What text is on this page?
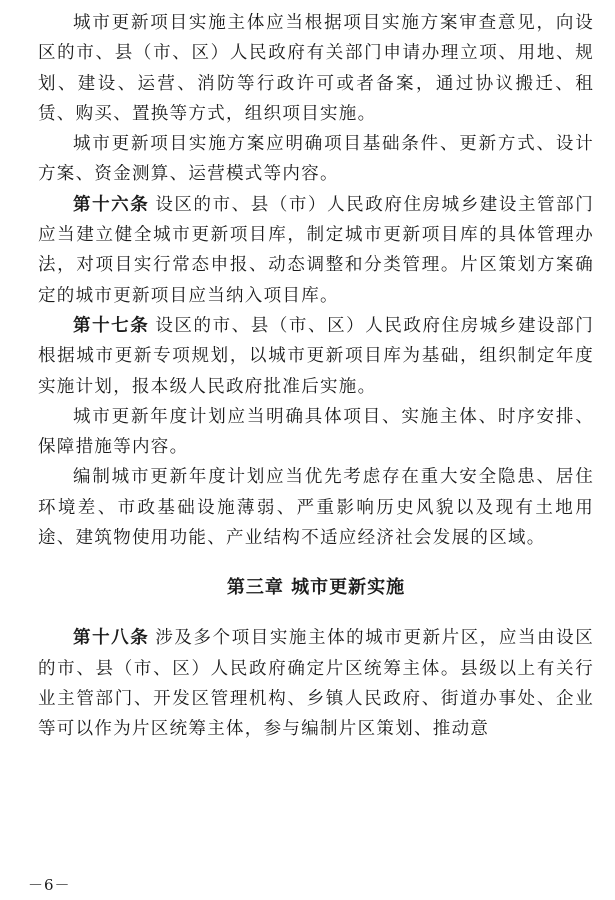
城市更新项目实施主体应当根据项目实施方案审查意见，向设区的市、县（市、区）人民政府有关部门申请办理立项、用地、规划、建设、运营、消防等行政许可或者备案，通过协议搬迁、租赁、购买、置换等方式，组织项目实施。

城市更新项目实施方案应明确项目基础条件、更新方式、设计方案、资金测算、运营模式等内容。

第十六条 设区的市、县（市）人民政府住房城乡建设主管部门应当建立健全城市更新项目库，制定城市更新项目库的具体管理办法，对项目实行常态申报、动态调整和分类管理。片区策划方案确定的城市更新项目应当纳入项目库。

第十七条 设区的市、县（市、区）人民政府住房城乡建设部门根据城市更新专项规划，以城市更新项目库为基础，组织制定年度实施计划，报本级人民政府批准后实施。

城市更新年度计划应当明确具体项目、实施主体、时序安排、保障措施等内容。

编制城市更新年度计划应当优先考虑存在重大安全隐患、居住环境差、市政基础设施薄弱、严重影响历史风貌以及现有土地用途、建筑物使用功能、产业结构不适应经济社会发展的区域。

第三章 城市更新实施

第十八条 涉及多个项目实施主体的城市更新片区，应当由设区的市、县（市、区）人民政府确定片区统筹主体。县级以上有关行业主管部门、开发区管理机构、乡镇人民政府、街道办事处、企业等可以作为片区统筹主体，参与编制片区策划、推动意

－6－
